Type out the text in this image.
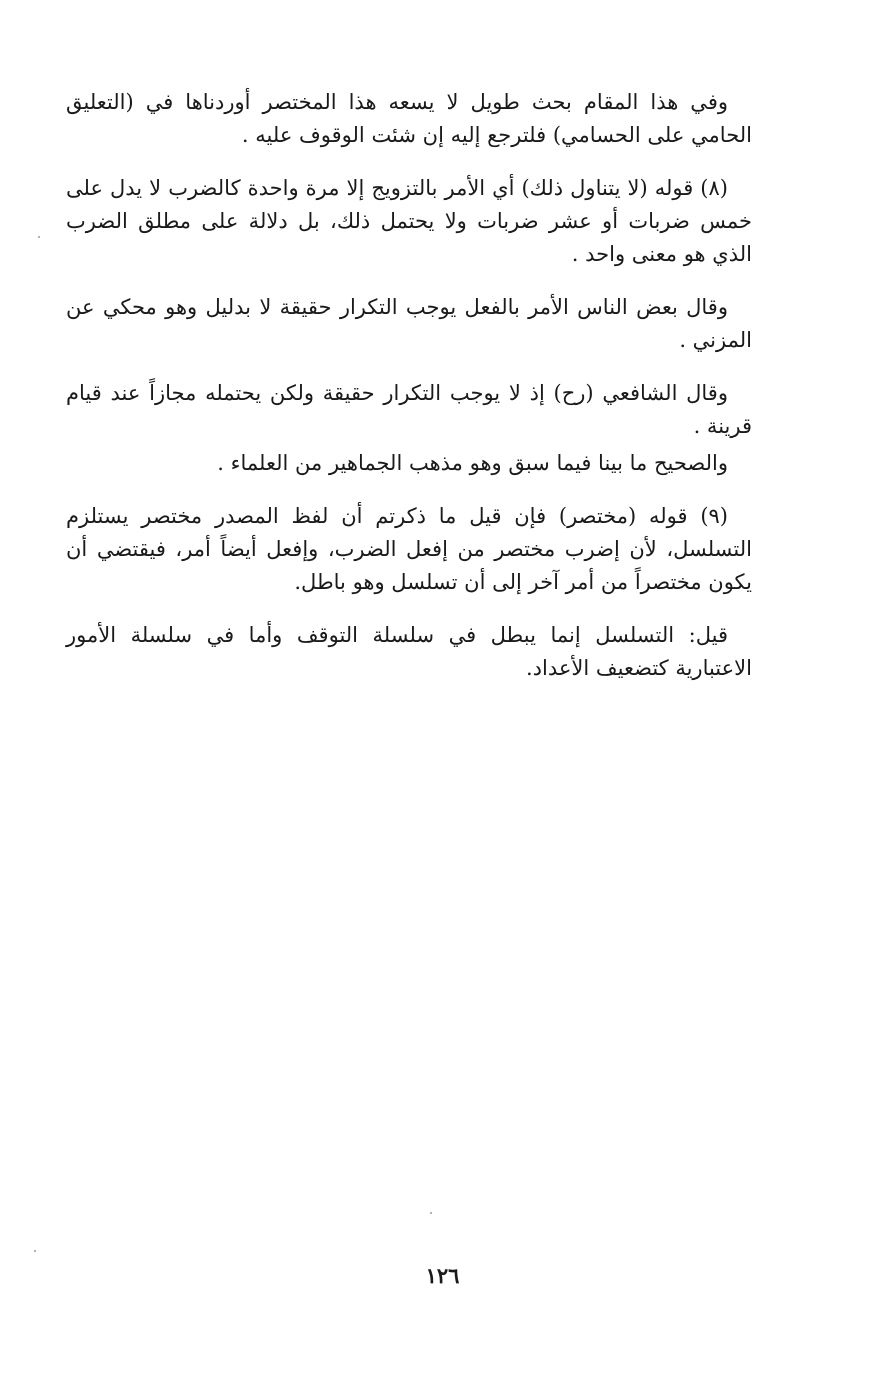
وفي هذا المقام بحث طويل لا يسعه هذا المختصر أوردناها في (التعليق الحامي على الحسامي) فلترجع إليه إن شئت الوقوف عليه .

(٨) قوله (لا يتناول ذلك) أي الأمر بالتزويج إلا مرة واحدة كالضرب لا يدل على خمس ضربات أو عشر ضربات ولا يحتمل ذلك، بل دلالة على مطلق الضرب الذي هو معنى واحد .

وقال بعض الناس الأمر بالفعل يوجب التكرار حقيقة لا بدليل وهو محكي عن المزني .

وقال الشافعي (رح) إذ لا يوجب التكرار حقيقة ولكن يحتمله مجازاً عند قيام قرينة .

والصحيح ما بينا فيما سبق وهو مذهب الجماهير من العلماء .

(٩) قوله (مختصر) فإن قيل ما ذكرتم أن لفظ المصدر مختصر يستلزم التسلسل، لأن إضرب مختصر من إفعل الضرب، وإفعل أيضاً أمر، فيقتضي أن يكون مختصراً من أمر آخر إلى أن تسلسل وهو باطل.

قيل: التسلسل إنما يبطل في سلسلة التوقف وأما في سلسلة الأمور الاعتبارية كتضعيف الأعداد.

١٢٦
